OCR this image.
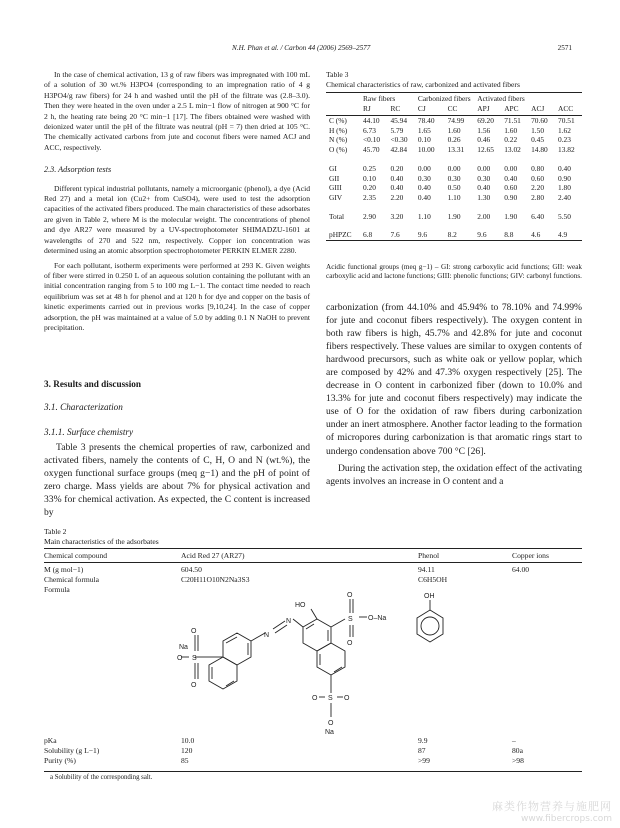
N.H. Phan et al. / Carbon 44 (2006) 2569–2577	2571

In the case of chemical activation, 13 g of raw fibers was impregnated with 100 mL of a solution of 30 wt.% H3PO4 (corresponding to an impregnation ratio of 4 g H3PO4/g raw fibers) for 24 h and washed until the pH of the filtrate was (2.8–3.0). Then they were heated in the oven under a 2.5 L min−1 flow of nitrogen at 900 °C for 2 h, the heating rate being 20 °C min−1 [17]. The fibers obtained were washed with deionized water until the pH of the filtrate was neutral (pH = 7) then dried at 105 °C. The chemically activated carbons from jute and coconut fibers were named ACJ and ACC, respectively.

2.3. Adsorption tests

Different typical industrial pollutants, namely a microorganic (phenol), a dye (Acid Red 27) and a metal ion (Cu2+ from CuSO4), were used to test the adsorption capacities of the activated fibers produced. The main characteristics of these adsorbates are given in Table 2, where M is the molecular weight. The concentrations of phenol and dye AR27 were measured by a UV-spectrophotometer SHIMADZU-1601 at wavelengths of 270 and 522 nm, respectively. Copper ion concentration was determined using an atomic absorption spectrophotometer PERKIN ELMER 2280.

For each pollutant, isotherm experiments were performed at 293 K. Given weights of fiber were stirred in 0.250 L of an aqueous solution containing the pollutant with an initial concentration ranging from 5 to 100 mg L−1. The contact time needed to reach equilibrium was set at 48 h for phenol and at 120 h for dye and copper on the basis of kinetic experiments carried out in previous works [9,10,24]. In the case of copper adsorption, the pH was maintained at a value of 5.0 by adding 0.1 N NaOH to prevent precipitation.

3. Results and discussion
3.1. Characterization
3.1.1. Surface chemistry

Table 3 presents the chemical properties of raw, carbonized and activated fibers, namely the contents of C, H, O and N (wt.%), the oxygen functional surface groups (meq g−1) and the pH of point of zero charge. Mass yields are about 7% for physical activation and 33% for chemical activation. As expected, the C content is increased by

Table 3
Chemical characteristics of raw, carbonized and activated fibers
	Raw fibers		Carbonized fibers		Activated fibers			
	RJ	RC	CJ	CC	APJ	APC	ACJ	ACC
C (%)	44.10	45.94	78.40	74.99	69.20	71.51	70.60	70.51
H (%)	6.73	5.79	1.65	1.60	1.56	1.60	1.50	1.62
N (%)	<0.10	<0.30	0.10	0.26	0.46	0.22	0.45	0.23
O (%)	45.70	42.84	10.00	13.31	12.65	13.02	14.80	13.82
GI	0.25	0.20	0.00	0.00	0.00	0.00	0.80	0.40
GII	0.10	0.40	0.30	0.30	0.30	0.40	0.60	0.90
GIII	0.20	0.40	0.40	0.50	0.40	0.60	2.20	1.80
GIV	2.35	2.20	0.40	1.10	1.30	0.90	2.80	2.40
Total	2.90	3.20	1.10	1.90	2.00	1.90	6.40	5.50
pHPZC	6.8	7.6	9.6	8.2	9.6	8.8	4.6	4.9
Acidic functional groups (meq g−1) – GI: strong carboxylic acid functions; GII: weak carboxylic acid and lactone functions; GIII: phenolic functions; GIV: carbonyl functions.

carbonization (from 44.10% and 45.94% to 78.10% and 74.99% for jute and coconut fibers respectively). The oxygen content in both raw fibers is high, 45.7% and 42.8% for jute and coconut fibers respectively. These values are similar to oxygen contents of hardwood precursors, such as white oak or yellow poplar, which are composed by 42% and 47.3% oxygen respectively [25]. The decrease in O content in carbonized fiber (down to 10.0% and 13.3% for jute and coconut fibers respectively) may indicate the use of O for the oxidation of raw fibers during carbonization under an inert atmosphere. Another factor leading to the formation of micropores during carbonization is that aromatic rings start to undergo condensation above 700 °C [26].

During the activation step, the oxidation effect of the activating agents involves an increase in O content and a

Table 2
Main characteristics of the adsorbates
Chemical compound	Acid Red 27 (AR27)	Phenol	Copper ions
M (g mol−1)	604.50	94.11	64.00
Chemical formula	C20H11O10N2Na3S3	C6H5OH
Formula
O S
O
O
Na
N
N
HO
O
S O–Na
O
S
O	O
O
Na
OH
pKa	10.0	9.9	–
Solubility (g L−1)	120	87	80a
Purity (%)	85	>99	>98
a Solubility of the corresponding salt.
麻类作物营养与施肥网
www.fibercrops.com
